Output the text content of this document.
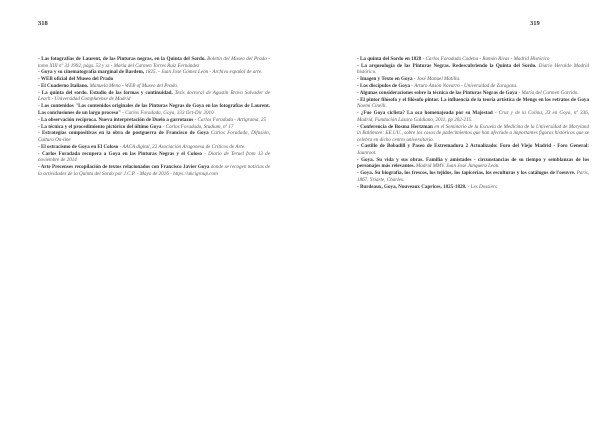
318
- Las fotografías de Laurent, de las Pinturas negras, en la Quinta del Sordo. Boletín del Museo del Prado - tomo XIII nº 31 1992, págs. 53 y ss - María del Carmen Torres Ruiz Fernández
- Goya y su cinematografía marginal de Bardem, 1825. - Juan José Gómez León - Archivo español de arte.
- WEB oficial del Museo del Prado
- El Cuaderno Italiano. Manuela Mena - WEB of Museo del Prado.
- La quinta del sordo. Estudio de las formas y continuidad. Tesis doctoral de Agustín Bravo Salvador de Leach - Universidad Complutense de Madrid
- Los contenidos "Los contenidos originales de las Pinturas Negras de Goya en las fotografías de Laurent. Las conclusiones de un largo proceso" - Carlos Foradada, Goya, 333 Oct-Dic 2010
- La observación recíproca. Nueva interpretación de Duelo a garrotazos - Carlos Foradada - Artigrama, 25
- La técnica y el procedimiento pictórico del último Goya - Carlos Foradada, Studium, nº 17
- Estrategias compositivas en la obra de postguerra de Francisco de Goya Carlos Foradada, Difusión, Cultura On-line
- El ostracismo de Goya en El Coloso - AACA digital, 22 Asociación Aragonesa de Críticos de Arte.
- Carlos Foradada recupera a Goya en las Pinturas Negras y el Coloso - Diario de Teruel from 13 de noviembre de 2014
- Arte Precenses recopilación de textos relacionados con Francisco Javier Goya donde se recogen noticias de la actividades de la Quinta del Sordo por J.C.P. - Mayo de 2016 - https://akcigroup.com
319
- La quinta del Sordo en 1828 - Carlos Foradada Cadena - Ramón Rivas - Madrid Histórico
- La arqueología de las Pinturas Negras. Redescubriendo la Quinta del Sordo. Diario Heraldo Madrid histórico.
- Imagen y Texto en Goya - José Manuel Matilla.
- Los discípulos de Goya - Arturo Ansón Navarro - Universidad de Zaragoza.
- Algunas consideraciones sobre la técnica de las Pinturas Negras de Goya - María del Carmen Garrido.
- El pintor filósofo y el filósofo pintor. La influencia de la teoría artística de Mengs en los retratos de Goya Noemí Cinelli.
- ¿Fue Goya ciclista? La oca homenajeada por su Majestad - Cruz y de la Colina, 33 en Goya, nº 336, Madrid, Fundación Lázaro Galdiano, 2011, pp 202-215.
- Conferencia de Bosma Hertzman en el Seminario de la Escuela de Medicina de la Universidad de Maryland in Baltimore: EE.UU., sobre los casos de padecimientos que han afectado a importantes figuras históricas que se celebra en dicho centro universitario.
- Castillo de Bobadill y Paseo de Extremadura 2 Actualizado: Foro del Viejo Madrid - Foro General: Jaunroot.
- Goya. Su vida y sus obras. Familia y amistades - circunstancias de su tiempo y semblanzas de los personajes más relevantes. Madrid MMV. Juan José Junquera León.
- Goya. Su biografía, los frescos, los tejidos, los tapicerías, los esculturas y los catálogos de l'oeuvre. París, 1867. Yriarte, Charles.
- Burdeaux, Goya, Nouveaux Caprices, 1825-1828. - Les Dossiers
